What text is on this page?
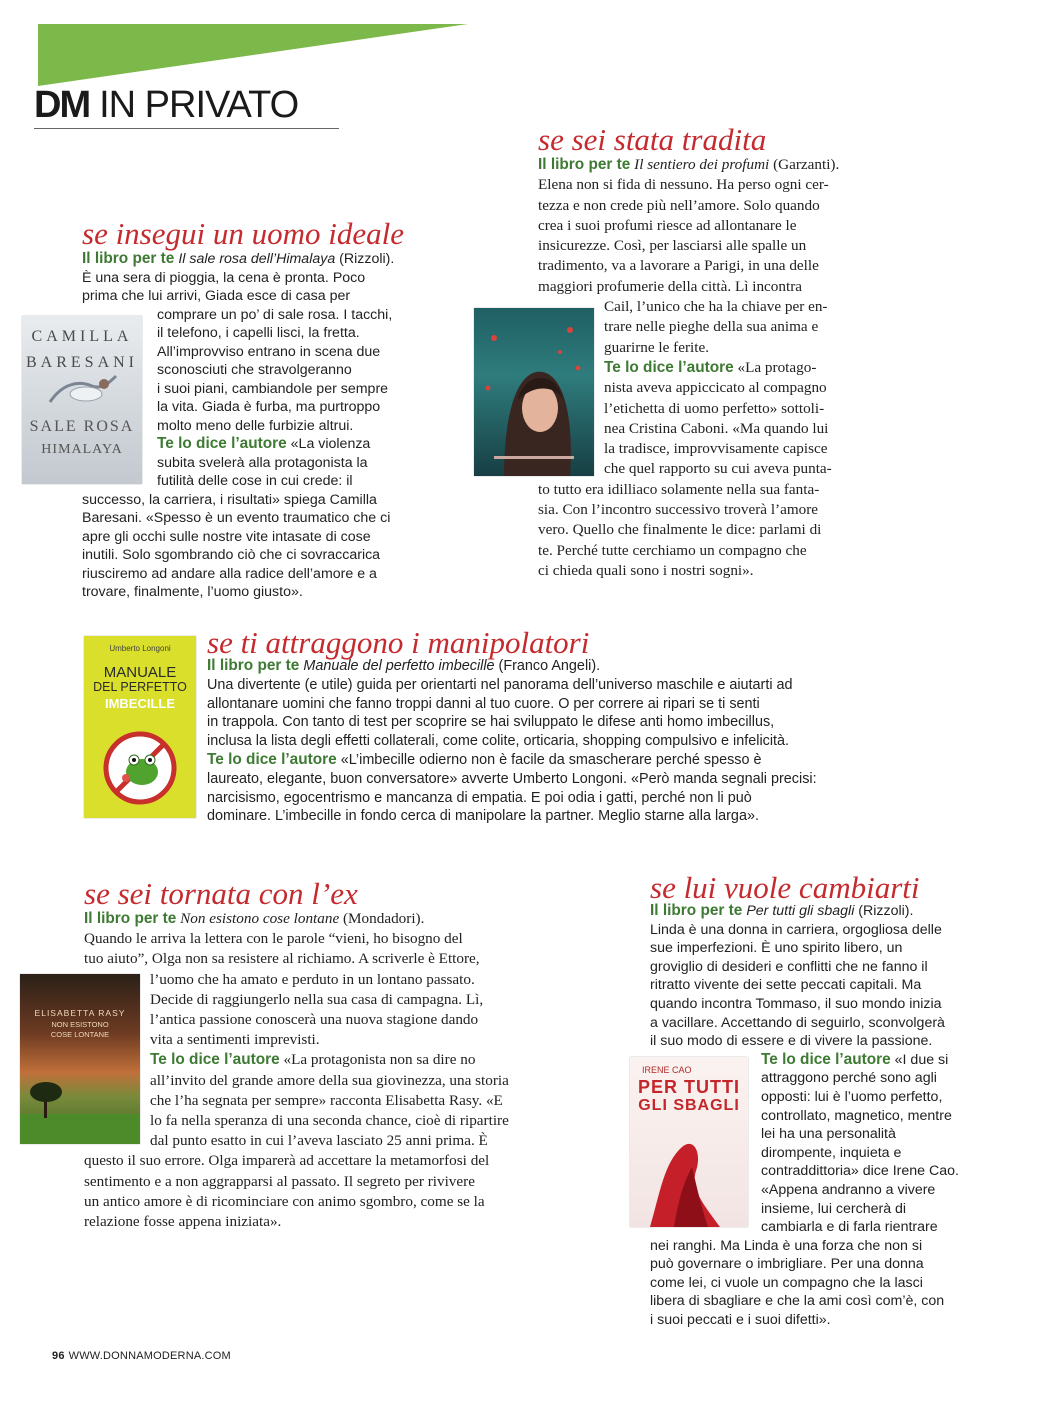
DM IN PRIVATO
se insegui un uomo ideale
Il libro per te Il sale rosa dell’Himalaya (Rizzoli).
È una sera di pioggia, la cena è pronta. Poco
prima che lui arrivi, Giada esce di casa per
comprare un po’ di sale rosa. I tacchi,
il telefono, i capelli lisci, la fretta.
All’improvviso entrano in scena due
sconosciuti che stravolgeranno
i suoi piani, cambiandole per sempre
la vita. Giada è furba, ma purtroppo
molto meno delle furbizie altrui.
Te lo dice l’autore «La violenza
subita svelerà alla protagonista la
futilità delle cose in cui crede: il
successo, la carriera, i risultati» spiega Camilla
Baresani. «Spesso è un evento traumatico che ci
apre gli occhi sulle nostre vite intasate di cose
inutili. Solo sgombrando ciò che ci sovraccarica
riusciremo ad andare alla radice dell’amore e a
trovare, finalmente, l’uomo giusto».
CAMILLA BARESANI
SALE ROSA
HIMALAYA
se sei stata tradita
Il libro per te Il sentiero dei profumi (Garzanti).
Elena non si fida di nessuno. Ha perso ogni cer-
tezza e non crede più nell’amore. Solo quando
crea i suoi profumi riesce ad allontanare le
insicurezze. Così, per lasciarsi alle spalle un
tradimento, va a lavorare a Parigi, in una delle
maggiori profumerie della città. Lì incontra
Cail, l’unico che ha la chiave per en-
trare nelle pieghe della sua anima e
guarirne le ferite.
Te lo dice l’autore «La protago-
nista aveva appiccicato al compagno
l’etichetta di uomo perfetto» sottoli-
nea Cristina Caboni. «Ma quando lui
la tradisce, improvvisamente capisce
che quel rapporto su cui aveva punta-
to tutto era idilliaco solamente nella sua fanta-
sia. Con l’incontro successivo troverà l’amore
vero. Quello che finalmente le dice: parlami di
te. Perché tutte cerchiamo un compagno che
ci chieda quali sono i nostri sogni».
se ti attraggono i manipolatori
Il libro per te Manuale del perfetto imbecille (Franco Angeli).
Una divertente (e utile) guida per orientarti nel panorama dell’universo maschile e aiutarti ad
allontanare uomini che fanno troppi danni al tuo cuore. O per correre ai ripari se ti senti
in trappola. Con tanto di test per scoprire se hai sviluppato le difese anti homo imbecillus,
inclusa la lista degli effetti collaterali, come colite, orticaria, shopping compulsivo e infelicità.
Te lo dice l’autore «L’imbecille odierno non è facile da smascherare perché spesso è
laureato, elegante, buon conversatore» avverte Umberto Longoni. «Però manda segnali precisi:
narcisismo, egocentrismo e mancanza di empatia. E poi odia i gatti, perché non li può
dominare. L’imbecille in fondo cerca di manipolare la partner. Meglio starne alla larga».
Umberto Longoni
MANUALE
DEL PERFETTO
IMBECILLE
se sei tornata con l’ex
Il libro per te Non esistono cose lontane (Mondadori).
Quando le arriva la lettera con le parole “vieni, ho bisogno del
tuo aiuto”, Olga non sa resistere al richiamo. A scriverle è Ettore,
l’uomo che ha amato e perduto in un lontano passato.
Decide di raggiungerlo nella sua casa di campagna. Lì,
l’antica passione conoscerà una nuova stagione dando
vita a sentimenti imprevisti.
Te lo dice l’autore «La protagonista non sa dire no
all’invito del grande amore della sua giovinezza, una storia
che l’ha segnata per sempre» racconta Elisabetta Rasy. «E
lo fa nella speranza di una seconda chance, cioè di ripartire
dal punto esatto in cui l’aveva lasciato 25 anni prima. È
questo il suo errore. Olga imparerà ad accettare la metamorfosi del
sentimento e a non aggrapparsi al passato. Il segreto per rivivere
un antico amore è di ricominciare con animo sgombro, come se la
relazione fosse appena iniziata».
ELISABETTA RASY
NON ESISTONO COSE LONTANE
se lui vuole cambiarti
Il libro per te Per tutti gli sbagli (Rizzoli).
Linda è una donna in carriera, orgogliosa delle
sue imperfezioni. È uno spirito libero, un
groviglio di desideri e conflitti che ne fanno il
ritratto vivente dei sette peccati capitali. Ma
quando incontra Tommaso, il suo mondo inizia
a vacillare. Accettando di seguirlo, sconvolgerà
il suo modo di essere e di vivere la passione.
Te lo dice l’autore «I due si
attraggono perché sono agli
opposti: lui è l’uomo perfetto,
controllato, magnetico, mentre
lei ha una personalità
dirompente, inquieta e
contraddittoria» dice Irene Cao.
«Appena andranno a vivere
insieme, lui cercherà di
cambiarla e di farla rientrare
nei ranghi. Ma Linda è una forza che non si
può governare o imbrigliare. Per una donna
come lei, ci vuole un compagno che la lasci
libera di sbagliare e che la ami così com’è, con
i suoi peccati e i suoi difetti».
IRENE CAO
PER TUTTI
GLI SBAGLI
96 WWW.DONNAMODERNA.COM
